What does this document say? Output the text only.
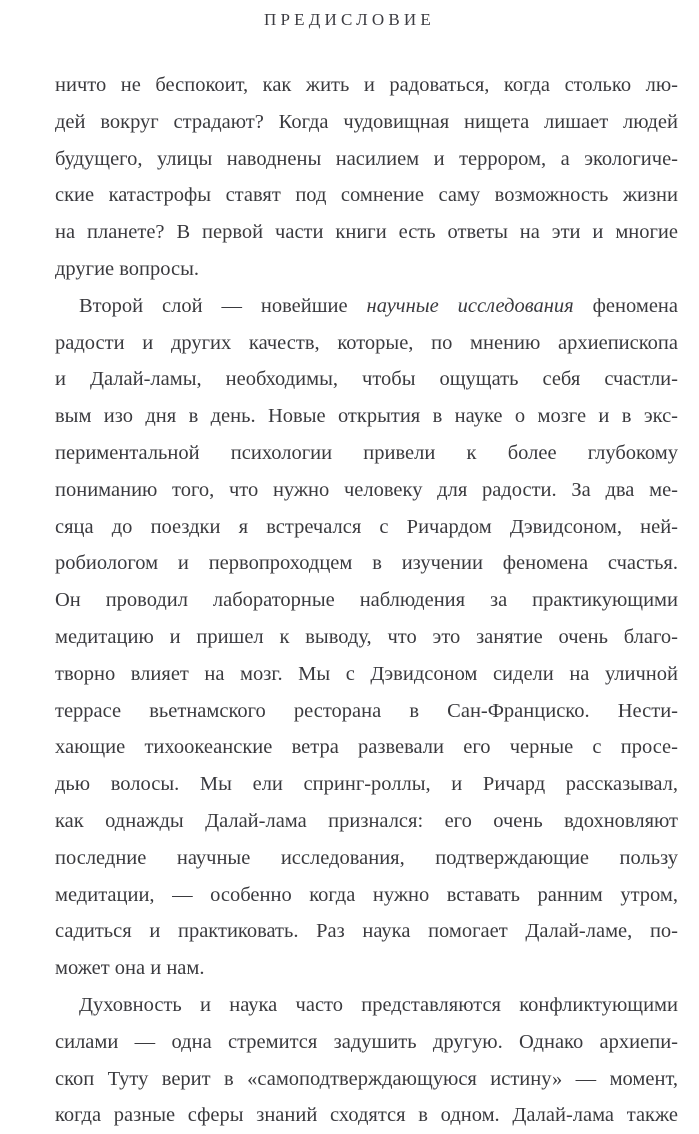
ПРЕДИСЛОВИЕ
ничто не беспокоит, как жить и радоваться, когда столько лю-
дей вокруг страдают? Когда чудовищная нищета лишает людей
будущего, улицы наводнены насилием и террором, а экологиче-
ские катастрофы ставят под сомнение саму возможность жизни
на планете? В первой части книги есть ответы на эти и многие
другие вопросы.
Второй слой — новейшие научные исследования феномена
радости и других качеств, которые, по мнению архиепископа
и Далай-ламы, необходимы, чтобы ощущать себя счастли-
вым изо дня в день. Новые открытия в науке о мозге и в экс-
периментальной психологии привели к более глубокому
пониманию того, что нужно человеку для радости. За два ме-
сяца до поездки я встречался с Ричардом Дэвидсоном, ней-
робиологом и первопроходцем в изучении феномена счастья.
Он проводил лабораторные наблюдения за практикующими
медитацию и пришел к выводу, что это занятие очень благо-
творно влияет на мозг. Мы с Дэвидсоном сидели на уличной
террасе вьетнамского ресторана в Сан-Франциско. Нести-
хающие тихоокеанские ветра развевали его черные с просе-
дью волосы. Мы ели спринг-роллы, и Ричард рассказывал,
как однажды Далай-лама признался: его очень вдохновляют
последние научные исследования, подтверждающие пользу
медитации, — особенно когда нужно вставать ранним утром,
садиться и практиковать. Раз наука помогает Далай-ламе, по-
может она и нам.
Духовность и наука часто представляются конфликтующими
силами — одна стремится задушить другую. Однако архиепи-
скоп Туту верит в «самоподтверждающуюся истину» — момент,
когда разные сферы знаний сходятся в одном. Далай-лама также
